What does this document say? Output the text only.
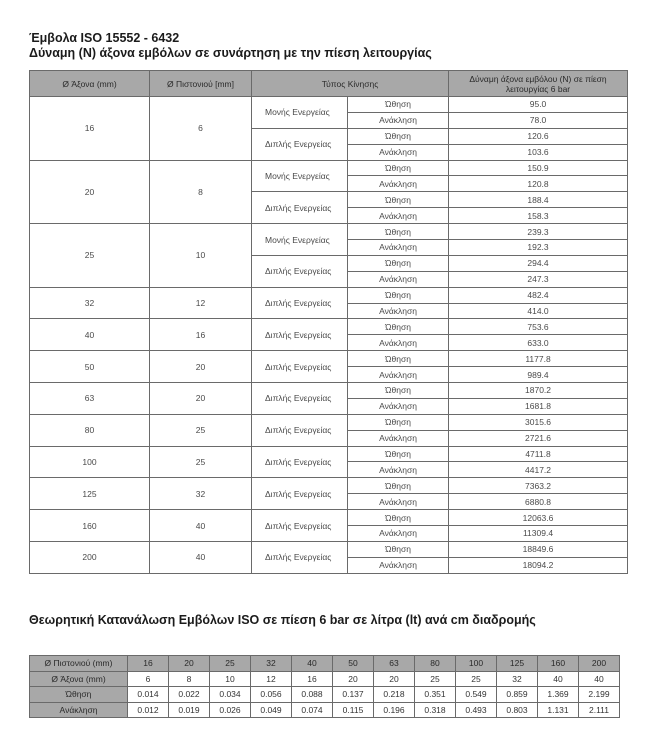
Έμβολα ISO 15552 - 6432
Δύναμη (Ν) άξονα εμβόλων σε συνάρτηση με την πίεση λειτουργίας
Ø Άξονα (mm)	Ø Πιστονιού [mm]	Τύπος Κίνησης		Δύναμη άξονα εμβόλου (N) σε πίεση λειτουργίας 6 bar
16	6	Μονής Ενεργείας	Ώθηση	95.0
			Ανάκληση	78.0
		Διπλής Ενεργείας	Ώθηση	120.6
			Ανάκληση	103.6
20	8	Μονής Ενεργείας	Ώθηση	150.9
			Ανάκληση	120.8
		Διπλής Ενεργείας	Ώθηση	188.4
			Ανάκληση	158.3
25	10	Μονής Ενεργείας	Ώθηση	239.3
			Ανάκληση	192.3
		Διπλής Ενεργείας	Ώθηση	294.4
			Ανάκληση	247.3
32	12	Διπλής Ενεργείας	Ώθηση	482.4
			Ανάκληση	414.0
40	16	Διπλής Ενεργείας	Ώθηση	753.6
			Ανάκληση	633.0
50	20	Διπλής Ενεργείας	Ώθηση	1177.8
			Ανάκληση	989.4
63	20	Διπλής Ενεργείας	Ώθηση	1870.2
			Ανάκληση	1681.8
80	25	Διπλής Ενεργείας	Ώθηση	3015.6
			Ανάκληση	2721.6
100	25	Διπλής Ενεργείας	Ώθηση	4711.8
			Ανάκληση	4417.2
125	32	Διπλής Ενεργείας	Ώθηση	7363.2
			Ανάκληση	6880.8
160	40	Διπλής Ενεργείας	Ώθηση	12063.6
			Ανάκληση	11309.4
200	40	Διπλής Ενεργείας	Ώθηση	18849.6
			Ανάκληση	18094.2
Θεωρητική Κατανάλωση Εμβόλων ISO σε πίεση 6 bar σε λίτρα (lt) ανά cm διαδρομής
Ø Πιστονιού (mm)	16	20	25	32	40	50	63	80	100	125	160	200
Ø Άξονα (mm)	6	8	10	12	16	20	20	25	25	32	40	40
Ώθηση	0.014	0.022	0.034	0.056	0.088	0.137	0.218	0.351	0.549	0.859	1.369	2.199
Ανάκληση	0.012	0.019	0.026	0.049	0.074	0.115	0.196	0.318	0.493	0.803	1.131	2.111
